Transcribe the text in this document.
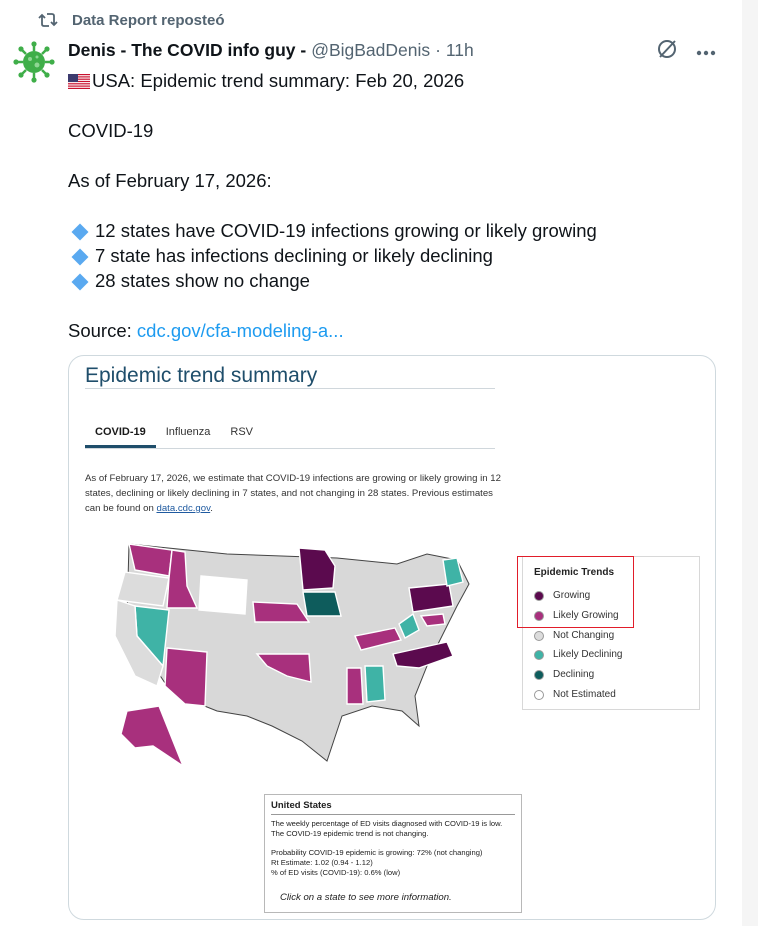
Data Report reposteó
Denis - The COVID info guy - @BigBadDenis · 11h

USA: Epidemic trend summary: Feb 20, 2026

COVID-19

As of February 17, 2026:

12 states have COVID-19 infections growing or likely growing

7 state has infections declining or likely declining

28 states show no change

Source: cdc.gov/cfa-modeling-a...

Epidemic trend summary
COVID-19	Influenza	RSV
As of February 17, 2026, we estimate that COVID-19 infections are growing or likely growing in 12 states, declining or likely declining in 7 states, and not changing in 28 states. Previous estimates can be found on data.cdc.gov.
Epidemic Trends
Growing
Likely Growing
Not Changing
Likely Declining
Declining
Not Estimated
United States

The weekly percentage of ED visits diagnosed with COVID-19 is low.

The COVID-19 epidemic trend is not changing.

Probability COVID-19 epidemic is growing: 72% (not changing)

Rt Estimate: 1.02 (0.94 - 1.12)

% of ED visits (COVID-19): 0.6% (low)

Click on a state to see more information.
